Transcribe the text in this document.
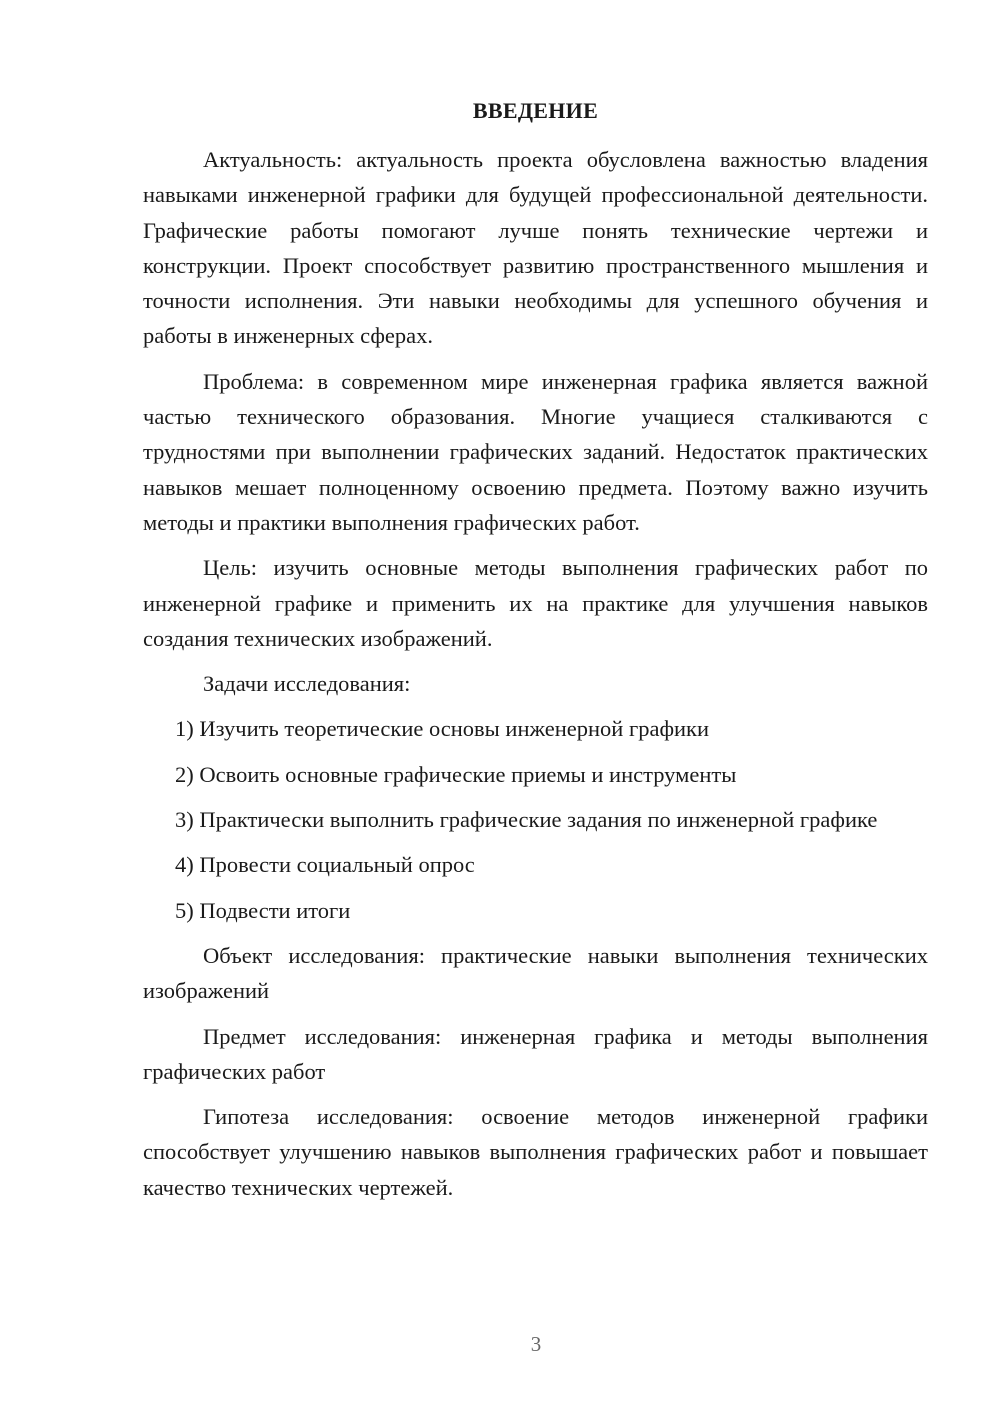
ВВЕДЕНИЕ

Актуальность: актуальность проекта обусловлена важностью владения навыками инженерной графики для будущей профессиональной деятельности. Графические работы помогают лучше понять технические чертежи и конструкции. Проект способствует развитию пространственного мышления и точности исполнения. Эти навыки необходимы для успешного обучения и работы в инженерных сферах.

Проблема: в современном мире инженерная графика является важной частью технического образования. Многие учащиеся сталкиваются с трудностями при выполнении графических заданий. Недостаток практических навыков мешает полноценному освоению предмета. Поэтому важно изучить методы и практики выполнения графических работ.

Цель: изучить основные методы выполнения графических работ по инженерной графике и применить их на практике для улучшения навыков создания технических изображений.

Задачи исследования:

1) Изучить теоретические основы инженерной графики

2) Освоить основные графические приемы и инструменты

3) Практически выполнить графические задания по инженерной графике

4) Провести социальный опрос

5) Подвести итоги

Объект исследования: практические навыки выполнения технических изображений

Предмет исследования: инженерная графика и методы выполнения графических работ

Гипотеза исследования: освоение методов инженерной графики способствует улучшению навыков выполнения графических работ и повышает качество технических чертежей.

3
